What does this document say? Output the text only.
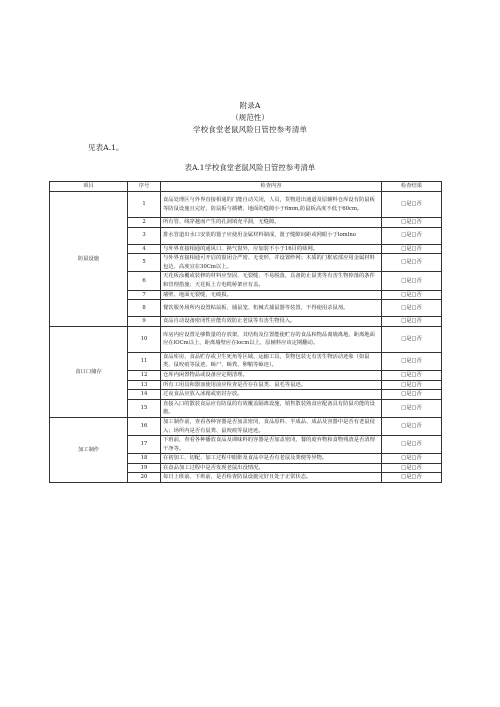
附录A
（规范性）
学校食堂老鼠风险日管控参考清单
见表A.1。
表A.1学校食堂老鼠风险日管控参考清单
项目	序号	检查内容	检查结果
防鼠设施	1	食品处理区与外界直接相通的门能自动关闭，人员，货物进出通道及原辅料仓库设有防鼠板等防鼠设施且完好，防鼠板与插槽、地面的缝隙小于6mm,防鼠板高度不低于60cm。	□是□否
	2	所有管、线穿越而产生的孔洞填充平洞，无缝隙。	□是□否
	3	排水管道出水口安装的篦子应使用金属材料制成，篦子缝隙间距或网眼小于lomlno	□是□否
	4	与外界直接相通的通风口、换气窗外，应加装不小于16目的筛网。	□是□否
	5	与外界直接相通可开启的窗闭合严密、无变形，并设置纱网；木质的门框底部应用金属材料包边，高度宜在30Cm以上。	□是□否
	6	天花板涂覆或装修的材料应坚固、无裂缝、不易脱落，具备防止鼠类等有害生物掉落的条件和管理措施；天花板上方电缆桥架应有盖。	□是□否
	7	墙壁、地面无裂缝，无破损。	□是□否
	8	餐饮服务场所内设置粘鼠板、捕鼠笼、机械式捕鼠器等装置，不得使用杀鼠剂。	□是□否
	9	食品自动设备密闭性应能有效防止老鼠等有害生物侵入。	□是□否
食口口储存	10	库房内应设置足够数量的存放架，其结构及位置能使贮存的食品和物品离墙离地，距离地面应在lOCm以上，距离墙壁应在locm以上，原辅料应该定期翻动。	□是□否
	11	食品库房、食品贮存或卫生死角等区域、运输工具，货物包装无有害生物活动迹象（如鼠类、鼠咬痕等鼠迹，蟑尸、蟑粪、卵鞘等蟑迹）。	□是□否
	12	仓库内闲置物品或设备应定期清理。	□是□否
	13	所有工用具和器皿使用前应检查是否存在鼠类、鼠毛等鼠迹。	□是□否
	14	过夜食品应放入冰箱或密封存放。	□是□否
	15	直接入口的散装食品应有防鼠的有效覆盖隔离设施，销售散装熟食应配备具有防鼠功能的设施。	□是□否
加工制作	16	加工制作前，查看各种容器是否加盖密闭，食品原料、半成品、成品及容器中是否有老鼠侵入；场所内是否有鼠粪、鼠咬痕等鼠迹迹。	□是□否
	17	下班前，查看各种播放食品及调味料的容器是否加盖密闭，餐的废弃物和食物残渣是否清理干净等。	□是□否
	18	在初加工、切配、加工过程中眼鼾及食品中是否有老鼠及粪便等异物。	□是□否
	19	在食品加工过程中是否发现老鼠出没情况。	□是□否
	20	每日上班前、下班前，是否检查防鼠设施完好且处于正常状态。	□是□否
